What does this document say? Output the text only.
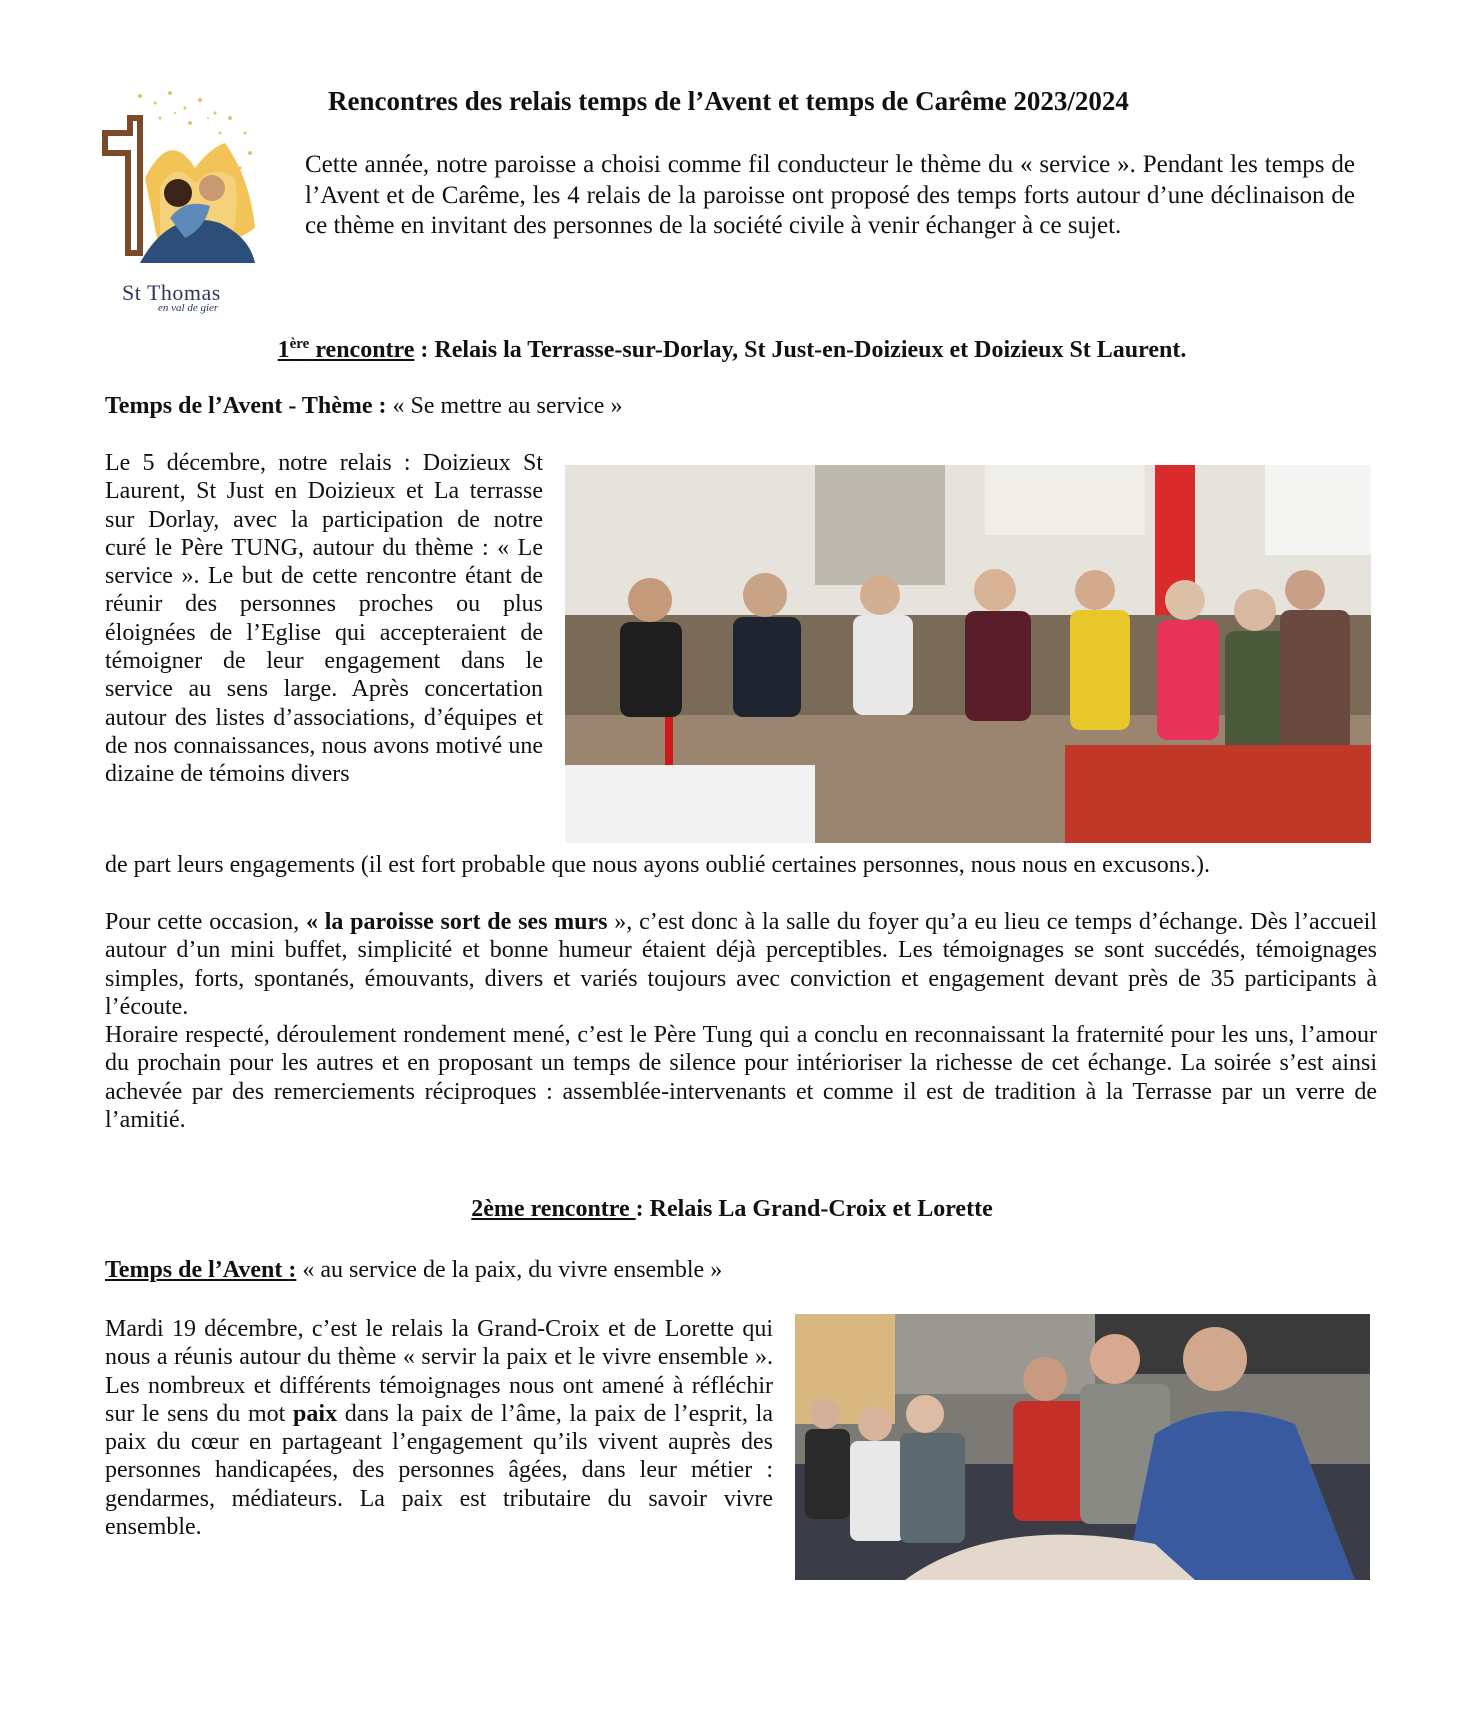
St Thomas
en val de gier
Rencontres des relais temps de l’Avent et temps de Carême 2023/2024
Cette année, notre paroisse a choisi comme fil conducteur le thème du « service ». Pendant les temps de l’Avent et de Carême, les 4 relais de la paroisse ont proposé des temps forts autour d’une déclinaison de ce thème en invitant des personnes de la société civile à venir échanger à ce sujet.
1ère rencontre : Relais la Terrasse-sur-Dorlay, St Just-en-Doizieux et Doizieux St Laurent.
Temps de l’Avent - Thème : « Se mettre au service »
Le 5 décembre, notre relais : Doizieux St Laurent, St Just en Doizieux et La terrasse sur Dorlay, avec la participation de notre curé le Père TUNG, autour du thème : « Le service ». Le but de cette rencontre étant de réunir des personnes proches ou plus éloignées de l’Eglise qui accepteraient de témoigner de leur engagement dans le service au sens large. Après concertation autour des listes d’associations, d’équipes et de nos connaissances, nous avons motivé une dizaine de témoins divers
de part leurs engagements (il est fort probable que nous ayons oublié certaines personnes, nous nous en excusons.).
Pour cette occasion, « la paroisse sort de ses murs », c’est donc à la salle du foyer qu’a eu lieu ce temps d’échange. Dès l’accueil autour d’un mini buffet, simplicité et bonne humeur étaient déjà perceptibles. Les témoignages se sont succédés, témoignages simples, forts, spontanés, émouvants, divers et variés toujours avec conviction et engagement devant près de 35 participants à l’écoute.
Horaire respecté, déroulement rondement mené, c’est le Père Tung qui a conclu en reconnaissant la fraternité pour les uns, l’amour du prochain pour les autres et en proposant un temps de silence pour intérioriser la richesse de cet échange. La soirée s’est ainsi achevée par des remerciements réciproques : assemblée-intervenants et comme il est de tradition à la Terrasse par un verre de l’amitié.
2ème rencontre : Relais La Grand-Croix et Lorette
Temps de l’Avent : « au service de la paix, du vivre ensemble »
Mardi 19 décembre, c’est le relais la Grand-Croix et de Lorette qui nous a réunis autour du thème « servir la paix et le vivre ensemble ». Les nombreux et différents témoignages nous ont amené à réfléchir sur le sens du mot paix dans la paix de l’âme, la paix de l’esprit, la paix du cœur en partageant l’engagement qu’ils vivent auprès des personnes handicapées, des personnes âgées, dans leur métier : gendarmes, médiateurs. La paix est tributaire du savoir vivre ensemble.
